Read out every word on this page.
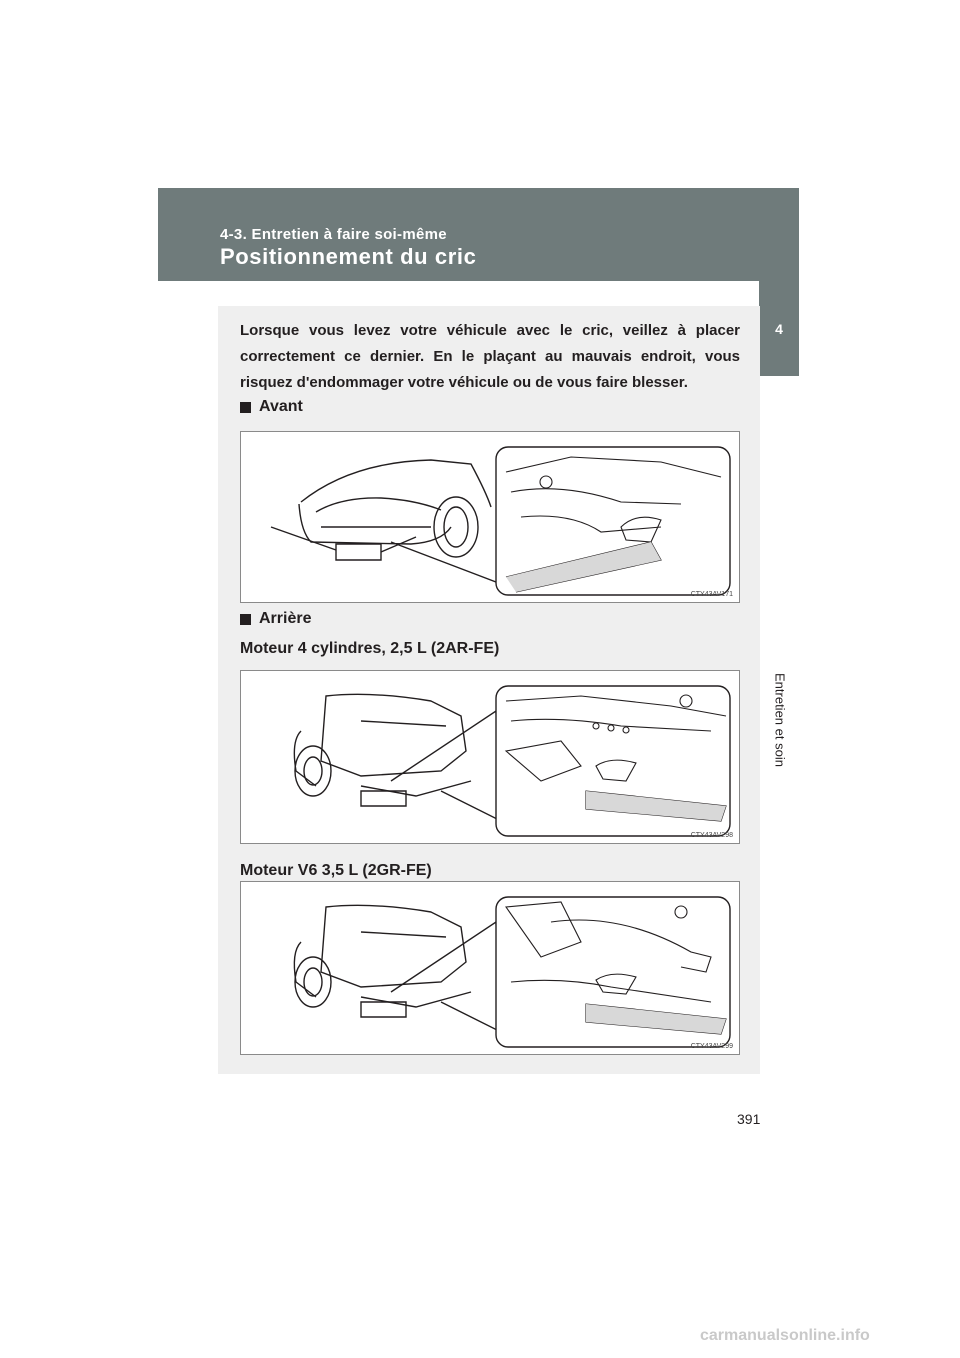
4-3. Entretien à faire soi-même
Positionnement du cric
4
Entretien et soin
Lorsque vous levez votre véhicule avec le cric, veillez à placer correctement ce dernier. En le plaçant au mauvais endroit, vous risquez d'endommager votre véhicule ou de vous faire blesser.
Avant
CTY43AV171
Arrière
Moteur 4 cylindres, 2,5 L (2AR-FE)
CTY43AV298
Moteur V6 3,5 L (2GR-FE)
CTY43AV299
391
carmanualsonline.info
